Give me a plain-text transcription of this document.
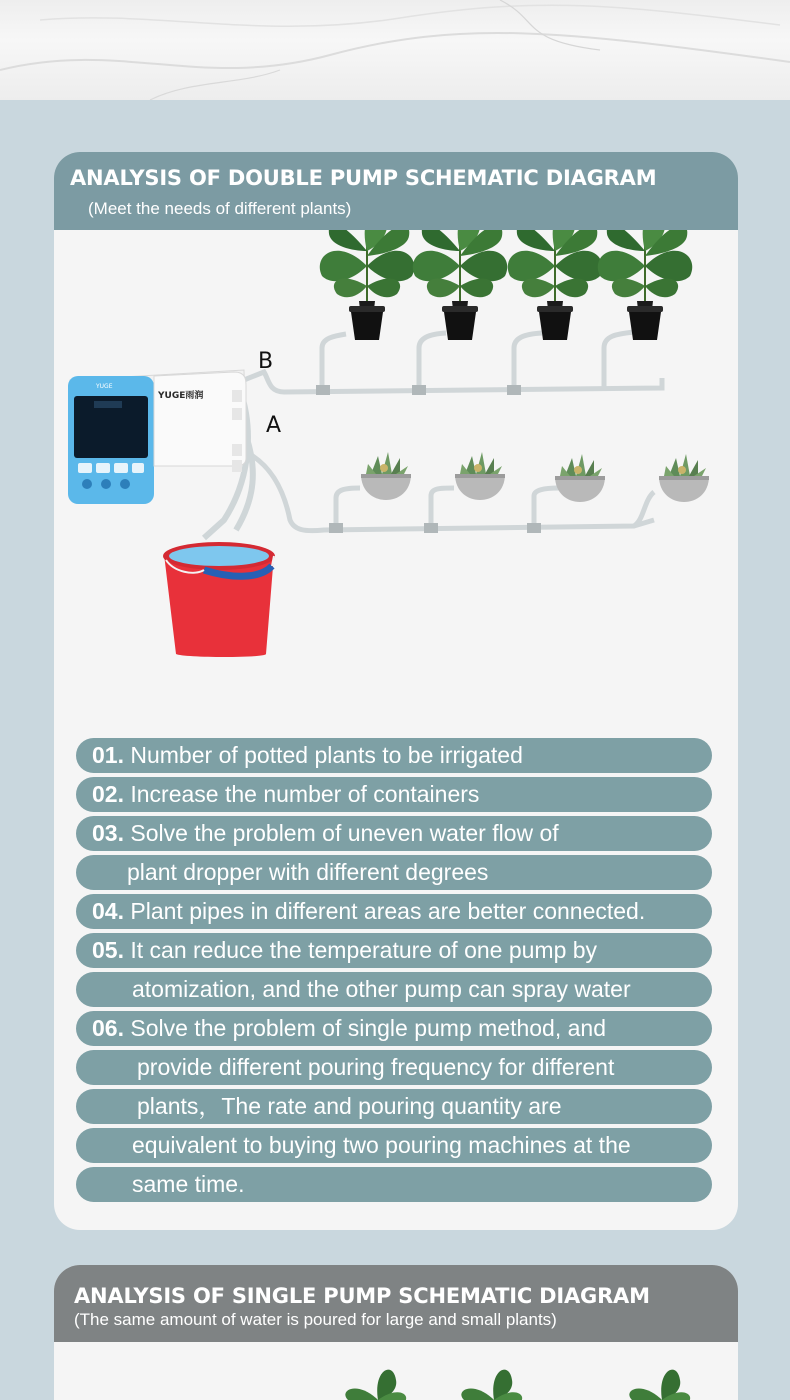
ANALYSIS OF DOUBLE PUMP SCHEMATIC DIAGRAM
(Meet the needs of different plants)
YUGE雨润
YUGE
B
A
01. Number of potted plants to be irrigated
02. Increase the number of containers
03. Solve the problem of uneven water flow of
plant dropper with different degrees
04. Plant pipes in different areas are better connected.
05. It can reduce the temperature of one pump by
atomization, and the other pump can spray water
06. Solve the problem of single pump method, and
provide different pouring frequency for different
plants，The rate and pouring quantity are
equivalent to buying two pouring machines at the
same time.
ANALYSIS OF SINGLE PUMP SCHEMATIC DIAGRAM
(The same amount of water is poured for large and small plants)
